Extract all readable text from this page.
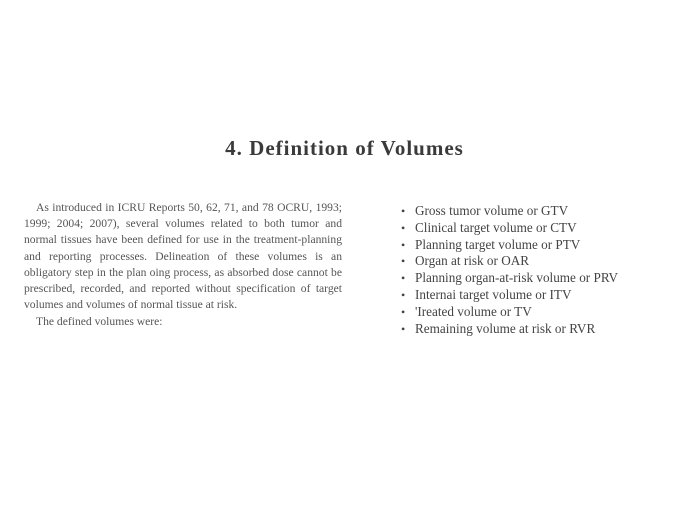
4. Definition of Volumes

As introduced in ICRU Reports 50, 62, 71, and 78 OCRU, 1993; 1999; 2004; 2007), several volumes related to both tumor and normal tissues have been defined for use in the treatment-planning and reporting processes. Delineation of these volumes is an obligatory step in the plan oing process, as absorbed dose cannot be prescribed, recorded, and reported without specification of target volumes and volumes of normal tissue at risk.

The defined volumes were:

• Gross tumor volume or GTV
• Clinical target volume or CTV
• Planning target volume or PTV
• Organ at risk or OAR
• Planning organ-at-risk volume or PRV
• Internai target volume or ITV
• 'Ireated volume or TV
• Remaining volume at risk or RVR
